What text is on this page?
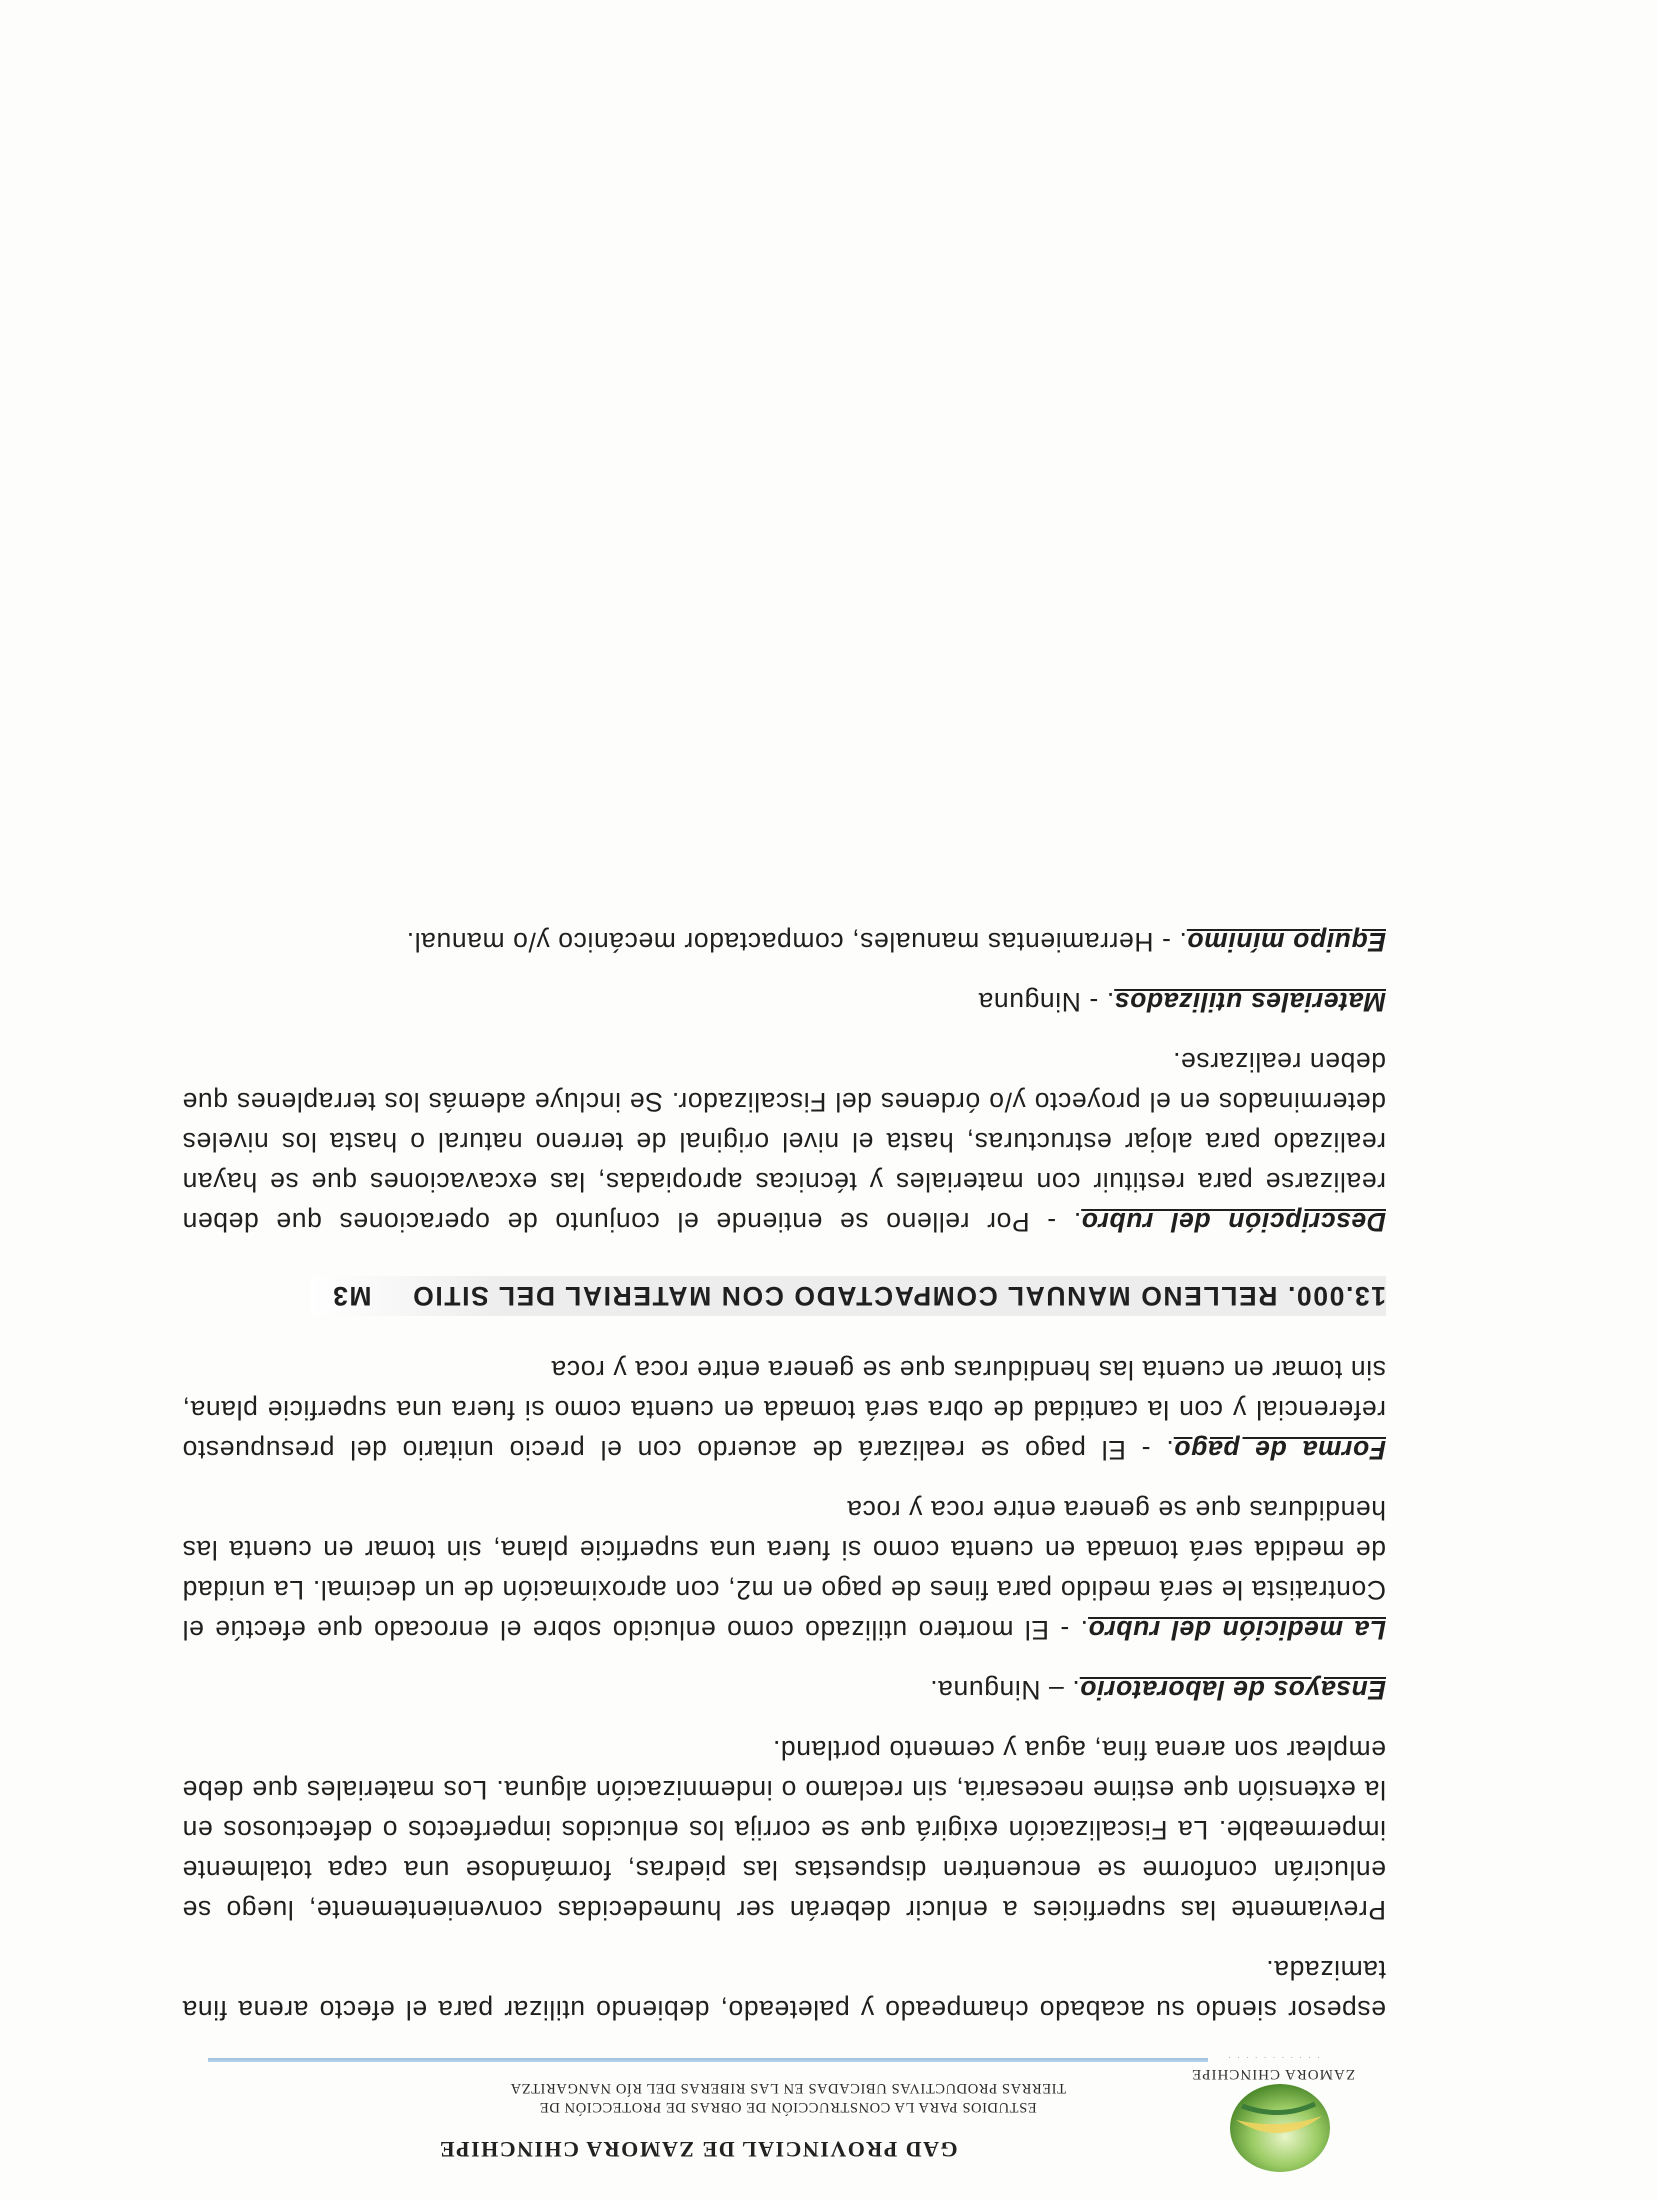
ZAMORA CHINCHIPE
· · · · · · · · · · ·
GAD PROVINCIAL DE ZAMORA CHINCHIPE
ESTUDIOS PARA LA CONSTRUCCIÓN DE OBRAS DE PROTECCIÓN DE
TIERRAS PRODUCTIVAS UBICADAS EN LAS RIBERAS DEL RÍO NANGARITZA

espesor siendo su acabado champeado y paleteado, debiendo utilizar para el efecto arena fina tamizada.

Previamente las superficies a enlucir deberán ser humedecidas convenientemente, luego se enlucirán conforme se encuentren dispuestas las piedras, formándose una capa totalmente impermeable. La Fiscalización exigirá que se corrija los enlucidos imperfectos o defectuosos en la extensión que estime necesaria, sin reclamo o indemnización alguna. Los materiales que debe emplear son arena fina, agua y cemento portland.

Ensayos de laboratorio. – Ninguna.

La medición del rubro. - El mortero utilizado como enlucido sobre el enrocado que efectúe el Contratista le será medido para fines de pago en m2, con aproximación de un decimal. La unidad de medida será tomada en cuenta como si fuera una superficie plana, sin tomar en cuenta las hendiduras que se genera entre roca y roca

Forma de pago. - El pago se realizará de acuerdo con el precio unitario del presupuesto referencial y con la cantidad de obra será tomada en cuenta como si fuera una superficie plana, sin tomar en cuenta las hendiduras que se genera entre roca y roca

13.000. RELLENO MANUAL COMPACTADO CON MATERIAL DEL SITIOM3

Descripción del rubro. - Por relleno se entiende el conjunto de operaciones que deben realizarse para restituir con materiales y técnicas apropiadas, las excavaciones que se hayan realizado para alojar estructuras, hasta el nivel original de terreno natural o hasta los niveles determinados en el proyecto y/o órdenes del Fiscalizador. Se incluye además los terraplenes que deben realizarse.

Materiales utilizados. - Ninguna

Equipo mínimo. - Herramientas manuales, compactador mecánico y/o manual.
